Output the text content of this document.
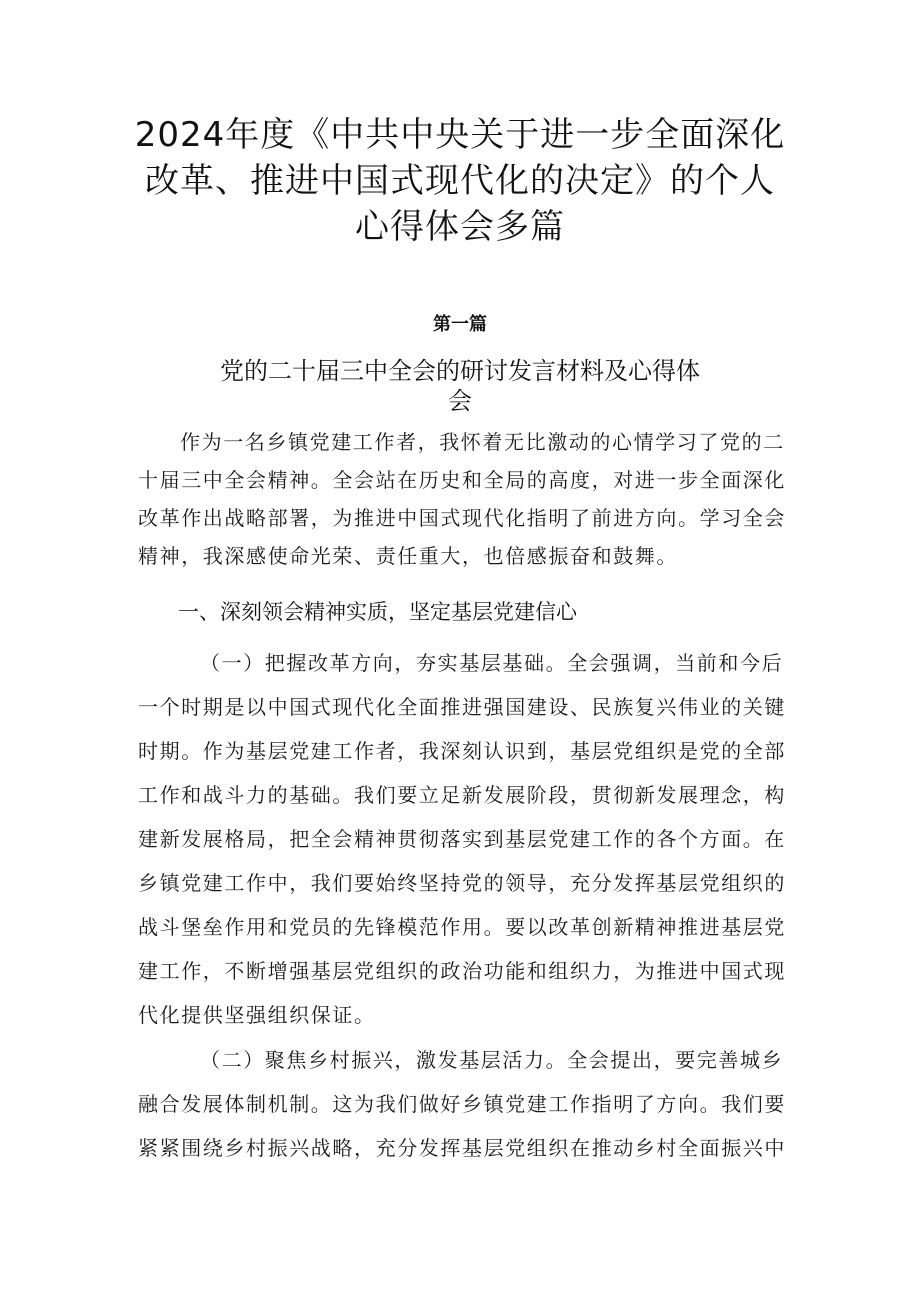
2024年度《中共中央关于进一步全面深化
改革、推进中国式现代化的决定》的个人
心得体会多篇
第一篇
党的二十届三中全会的研讨发言材料及心得体
会
作为一名乡镇党建工作者，我怀着无比激动的心情学习了党的二
十届三中全会精神。全会站在历史和全局的高度，对进一步全面深化
改革作出战略部署，为推进中国式现代化指明了前进方向。学习全会
精神，我深感使命光荣、责任重大，也倍感振奋和鼓舞。
一、深刻领会精神实质，坚定基层党建信心
（一）把握改革方向，夯实基层基础。全会强调，当前和今后
一个时期是以中国式现代化全面推进强国建设、民族复兴伟业的关键
时期。作为基层党建工作者，我深刻认识到，基层党组织是党的全部
工作和战斗力的基础。我们要立足新发展阶段，贯彻新发展理念，构
建新发展格局，把全会精神贯彻落实到基层党建工作的各个方面。在
乡镇党建工作中，我们要始终坚持党的领导，充分发挥基层党组织的
战斗堡垒作用和党员的先锋模范作用。要以改革创新精神推进基层党
建工作，不断增强基层党组织的政治功能和组织力，为推进中国式现
代化提供坚强组织保证。
（二）聚焦乡村振兴，激发基层活力。全会提出，要完善城乡
融合发展体制机制。这为我们做好乡镇党建工作指明了方向。我们要
紧紧围绕乡村振兴战略，充分发挥基层党组织在推动乡村全面振兴中
